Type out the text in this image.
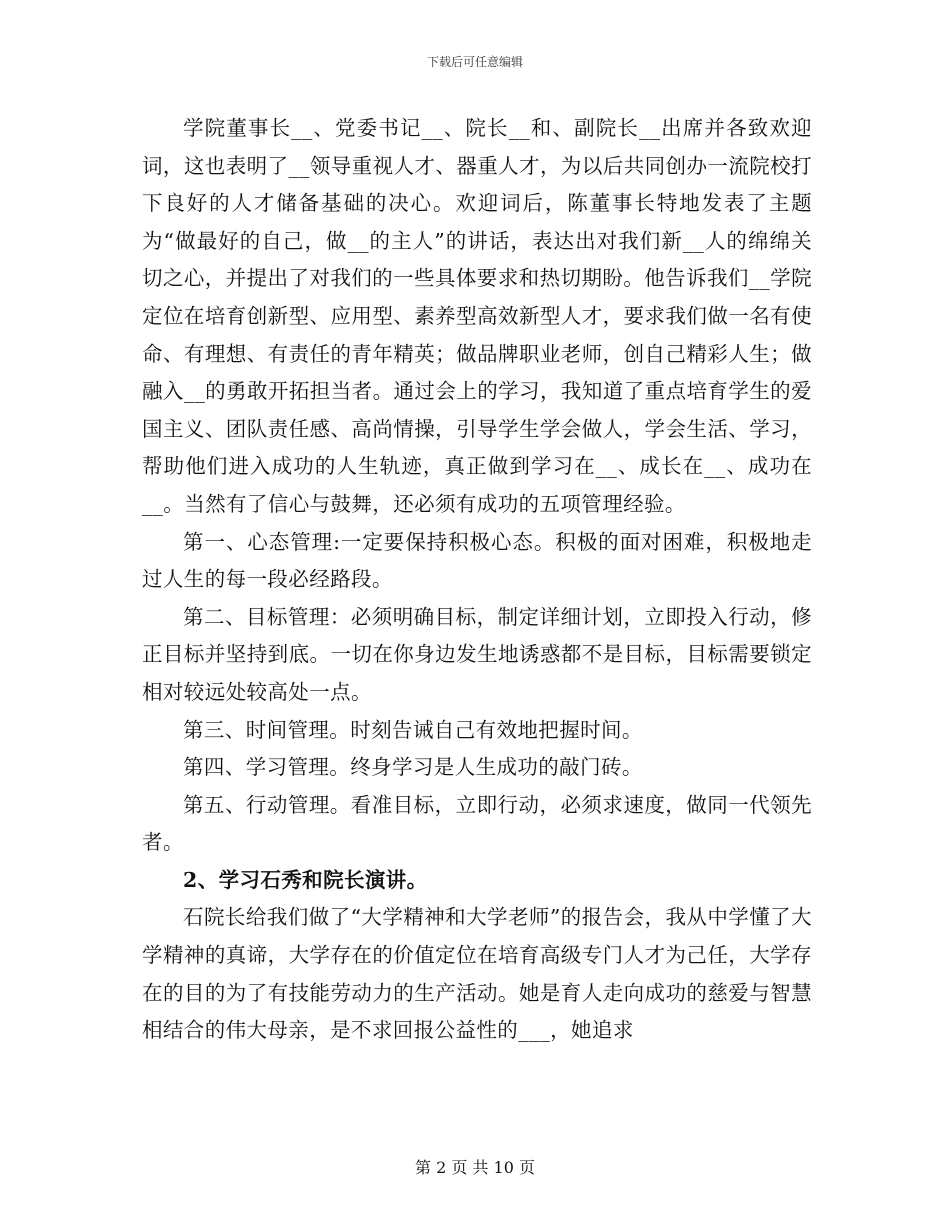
下载后可任意编辑

学院董事长__、党委书记__、院长__和、副院长__出席并各致欢迎词，这也表明了__领导重视人才、器重人才，为以后共同创办一流院校打下良好的人才储备基础的决心。欢迎词后，陈董事长特地发表了主题为“做最好的自己，做__的主人”的讲话，表达出对我们新__人的绵绵关切之心，并提出了对我们的一些具体要求和热切期盼。他告诉我们__学院定位在培育创新型、应用型、素养型高效新型人才，要求我们做一名有使命、有理想、有责任的青年精英；做品牌职业老师，创自己精彩人生；做融入__的勇敢开拓担当者。通过会上的学习，我知道了重点培育学生的爱国主义、团队责任感、高尚情操，引导学生学会做人，学会生活、学习，帮助他们进入成功的人生轨迹，真正做到学习在__、成长在__、成功在__。当然有了信心与鼓舞，还必须有成功的五项管理经验。

第一、心态管理:一定要保持积极心态。积极的面对困难，积极地走过人生的每一段必经路段。

第二、目标管理：必须明确目标，制定详细计划，立即投入行动，修正目标并坚持到底。一切在你身边发生地诱惑都不是目标，目标需要锁定相对较远处较高处一点。

第三、时间管理。时刻告诫自己有效地把握时间。

第四、学习管理。终身学习是人生成功的敲门砖。

第五、行动管理。看准目标，立即行动，必须求速度，做同一代领先者。

2、学习石秀和院长演讲。

石院长给我们做了“大学精神和大学老师”的报告会，我从中学懂了大学精神的真谛，大学存在的价值定位在培育高级专门人才为己任，大学存在的目的为了有技能劳动力的生产活动。她是育人走向成功的慈爱与智慧相结合的伟大母亲，是不求回报公益性的___，她追求

第 2 页 共 10 页
